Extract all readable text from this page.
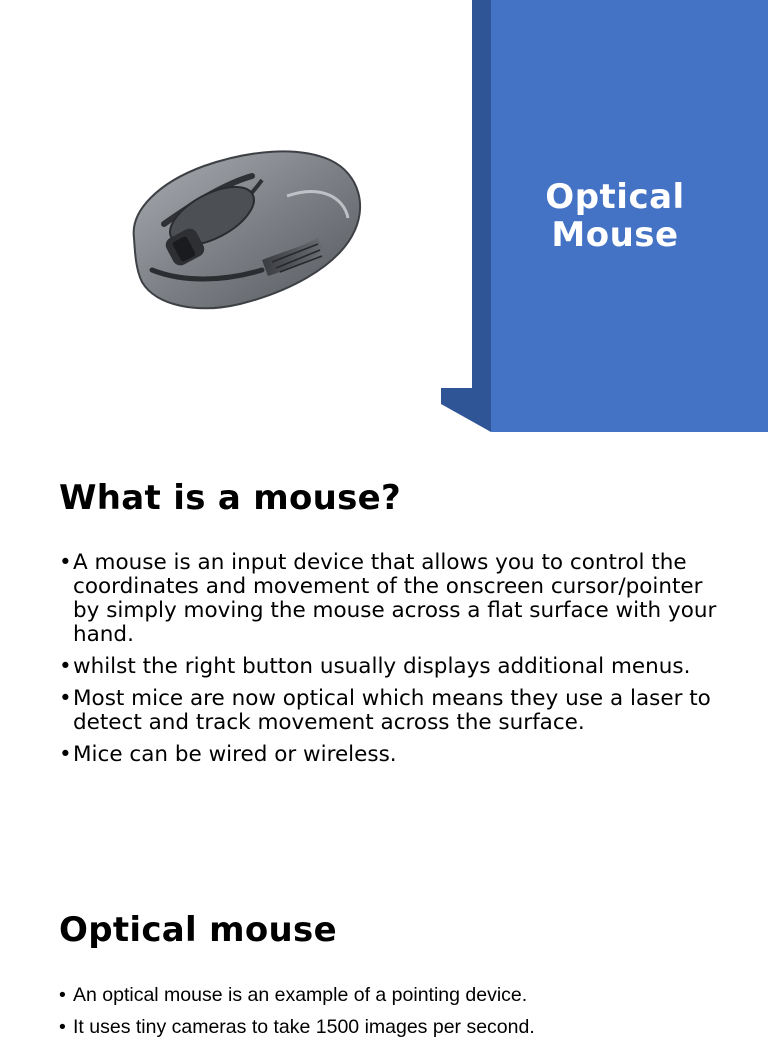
Optical
Mouse
What is a mouse?
• A mouse is an input device that allows you to control the coordinates and movement of the onscreen cursor/pointer by simply moving the mouse across a flat surface with your hand.
• whilst the right button usually displays additional menus.
• Most mice are now optical which means they use a laser to detect and track movement across the surface.
• Mice can be wired or wireless.
Optical mouse
• An optical mouse is an example of a pointing device.
• It uses tiny cameras to take 1500 images per second.
